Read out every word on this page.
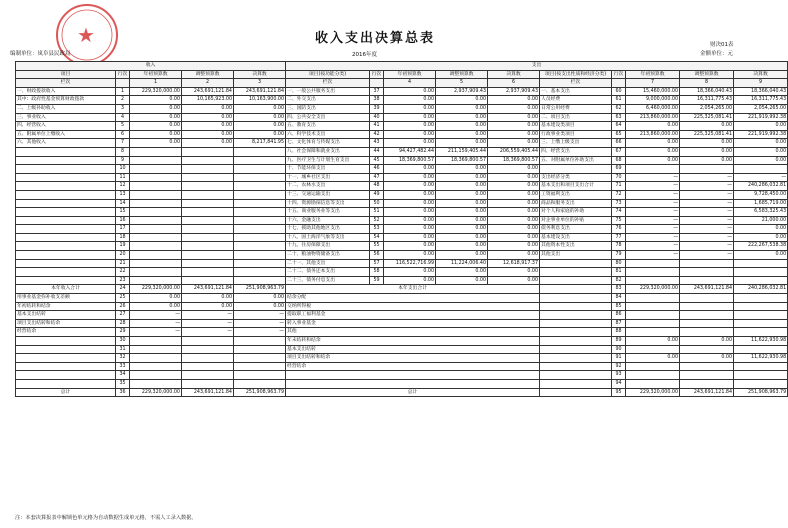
★	收入支出决算总表	财决01表
编制单位：岚阜县民政局	2016年度	金额单位：元
收入					支出									
项目	行次	年初预算数	调整预算数	决算数	项目(按功能分类)	行次	年初预算数	调整预算数	决算数	项目(按支出性质和经济分类)	行次	年初预算数	调整预算数	决算数
栏次		1	2	3	栏次		4	5	6	栏次		7	8	9
一、财政拨款收入	1	229,320,000.00	243,691,121.84	243,691,121.84	一、一般公共服务支出	37	0.00	2,937,909.43	2,937,909.43	一、基本支出	60	15,460,000.00	18,366,040.43	18,366,040.43
其中：政府性基金预算财政拨款	2	0.00	10,165,923.00	10,163,900.00	二、外交支出	38	0.00	0.00	0.00	人员经费	61	9,000,000.00	16,311,775.43	16,311,775.43
二、上级补助收入	3	0.00	0.00	0.00	三、国防支出	39	0.00	0.00	0.00	日常公用经费	62	6,460,000.00	2,054,265.00	2,054,265.00
三、事业收入	4	0.00	0.00	0.00	四、公共安全支出	40	0.00	0.00	0.00	二、项目支出	63	213,860,000.00	225,325,081.41	221,919,992.38
四、经营收入	5	0.00	0.00	0.00	五、教育支出	41	0.00	0.00	0.00	基本建设类项目	64	0.00	0.00	0.00
五、附属单位上缴收入	6	0.00	0.00	0.00	六、科学技术支出	42	0.00	0.00	0.00	行政事业类项目	65	213,860,000.00	225,325,081.41	221,919,992.38
六、其他收入	7	0.00	0.00	8,217,841.95	七、文化体育与传媒支出	43	0.00	0.00	0.00	三、上缴上级支出	66	0.00	0.00	0.00
	8				八、社会保障和就业支出	44	94,427,482.44	211,159,405.44	206,559,405.44	四、经营支出	67	0.00	0.00	0.00
	9				九、医疗卫生与计划生育支出	45	18,369,800.57	18,369,800.57	18,369,800.57	五、对附属单位补助支出	68	0.00	0.00	0.00
	10				十、节能环保支出	46	0.00	0.00	0.00		69			
	11				十一、城乡社区支出	47	0.00	0.00	0.00	支出经济分类	70	—	—	—
	12				十二、农林水支出	48	0.00	0.00	0.00	基本支出和项目支出合计	71	—	—	240,286,032.81
	13				十三、交通运输支出	49	0.00	0.00	0.00	工资福利支出	72	—	—	9,728,450.00
	14				十四、资源勘探信息等支出	50	0.00	0.00	0.00	商品和服务支出	73	—	—	1,685,719.00
	15				十五、商业服务业等支出	51	0.00	0.00	0.00	对个人和家庭的补助	74	—	—	6,583,325.43
	16				十六、金融支出	52	0.00	0.00	0.00	对企事业单位的补贴	75	—	—	21,000.00
	17				十七、援助其他地区支出	53	0.00	0.00	0.00	债务利息支出	76	—	—	0.00
	18				十八、国土海洋气象等支出	54	0.00	0.00	0.00	基本建设支出	77	—	—	0.00
	19				十九、住房保障支出	55	0.00	0.00	0.00	其他资本性支出	78	—	—	222,267,538.38
	20				二十、粮油物资储备支出	56	0.00	0.00	0.00	其他支出	79	—	—	0.00
	21				二十一、其他支出	57	116,522,716.99	11,224,006.40	12,618,917.37		80			
	22				二十二、债务还本支出	58	0.00	0.00	0.00		81			
	23				二十三、债务付息支出	59	0.00	0.00	0.00		82			
本年收入合计	24	229,320,000.00	243,691,121.84	251,908,963.79	本年支出合计						83	229,320,000.00	243,691,121.84	240,286,032.81
用事业基金弥补收支差额	25	0.00	0.00	0.00	结余分配						84			
年初结转和结余	26	0.00	0.00	0.00	交纳所得税						85			
基本支出结转	27	—	—	—	提取职工福利基金						86			
项目支出结转和结余	28	—	—	—	转入事业基金						87			
经营结余	29	—	—	—	其他						88			
	30				年末结转和结余						89	0.00	0.00	11,622,930.98
	31				基本支出结转						90			
	32				项目支出结转和结余						91	0.00	0.00	11,622,930.98
	33				经营结余						92			
	34										93			
	35										94			
总计	36	229,320,000.00	243,691,121.84	251,908,963.79	总计						95	229,320,000.00	243,691,121.84	251,908,963.79
注：本套决算报表中解锁色单元格为自动数据生成单元格，不需人工录入数据。
